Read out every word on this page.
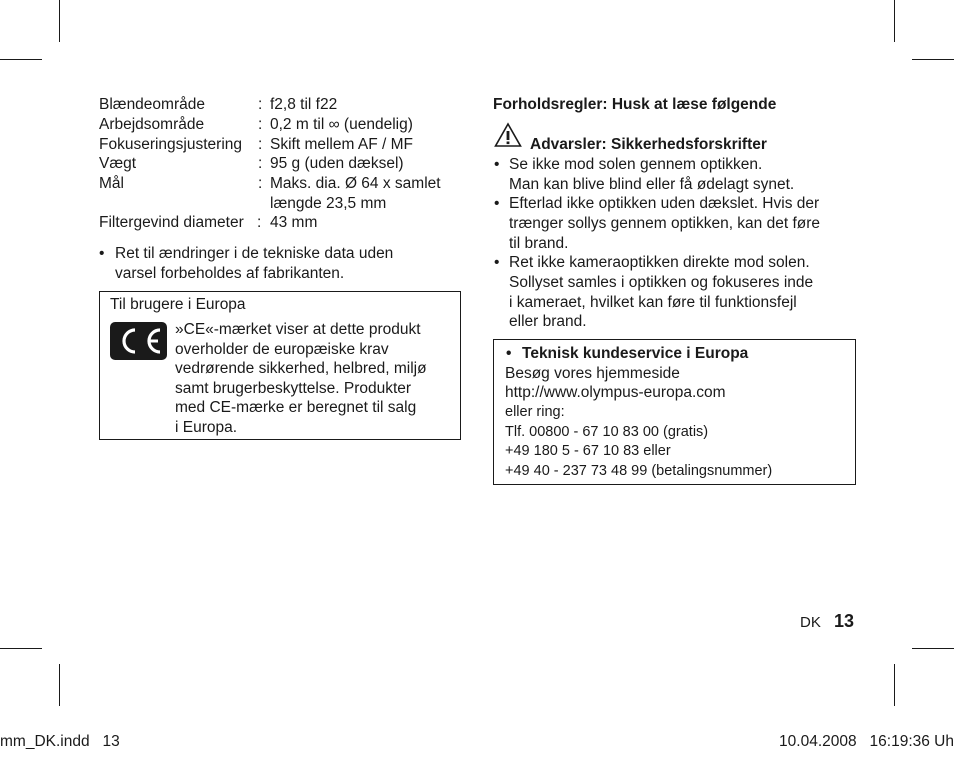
Blændeområde	: f2,8 til f22
Arbejdsområde	: 0,2 m til ∞ (uendelig)
Fokuseringsjustering : Skift mellem AF / MF
Vægt	: 95 g (uden dæksel)
Mål	: Maks. dia. Ø 64 x samlet
længde 23,5 mm
Filtergevind diameter : 43 mm
• Ret til ændringer i de tekniske data uden
varsel forbeholdes af fabrikanten.
Til brugere i Europa
»CE«-mærket viser at dette produkt
overholder de europæiske krav
vedrørende sikkerhed, helbred, miljø
samt brugerbeskyttelse. Produkter
med CE-mærke er beregnet til salg
i Europa.
Forholdsregler: Husk at læse følgende
Advarsler: Sikkerhedsforskrifter
• Se ikke mod solen gennem optikken.
Man kan blive blind eller få ødelagt synet.
• Efterlad ikke optikken uden dækslet. Hvis der
trænger sollys gennem optikken, kan det føre
til brand.
• Ret ikke kameraoptikken direkte mod solen.
Sollyset samles i optikken og fokuseres inde
i kameraet, hvilket kan føre til funktionsfejl
eller brand.
• Teknisk kundeservice i Europa
Besøg vores hjemmeside
http://www.olympus-europa.com
eller ring:
Tlf. 00800 - 67 10 83 00 (gratis)
+49 180 5 - 67 10 83 eller
+49 40 - 237 73 48 99 (betalingsnummer)
DK 13
mm_DK.indd   13	10.04.2008   16:19:36 Uh
